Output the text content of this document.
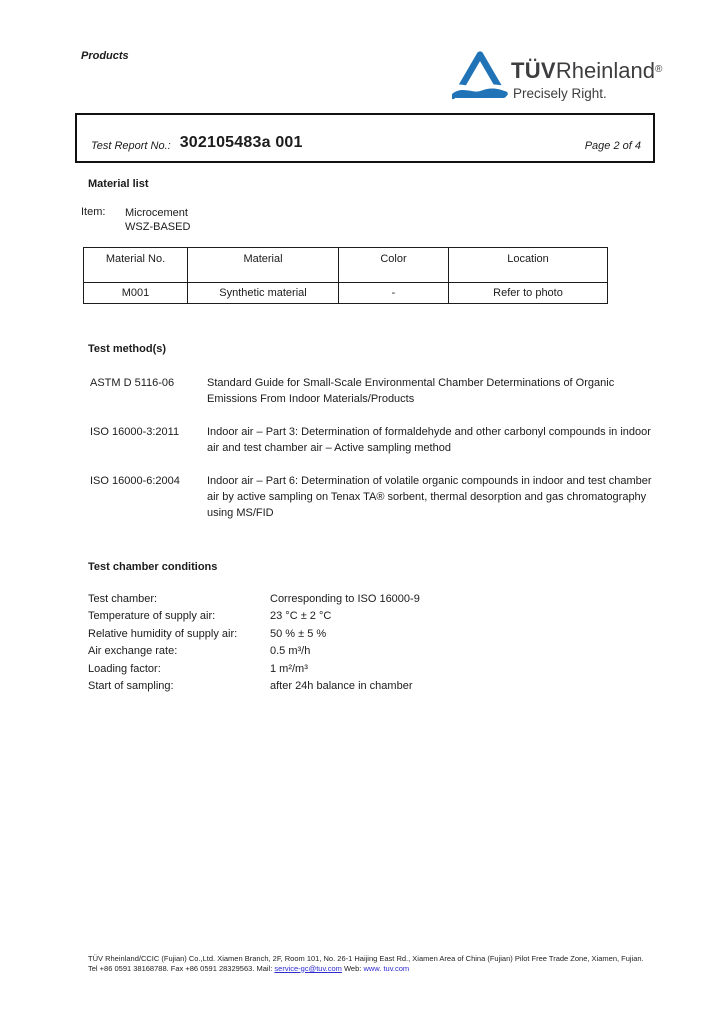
Products
TÜVRheinland®
Precisely Right.
Test Report No.: 302105483a 001	Page 2 of 4
Material list
Item:	Microcement
WSZ-BASED
Material No.	Material	Color	Location
M001	Synthetic material	-	Refer to photo
Test method(s)
ASTM D 5116-06	Standard Guide for Small-Scale Environmental Chamber Determinations of Organic Emissions From Indoor Materials/Products
ISO 16000-3:2011	Indoor air – Part 3: Determination of formaldehyde and other carbonyl compounds in indoor air and test chamber air – Active sampling method
ISO 16000-6:2004	Indoor air – Part 6: Determination of volatile organic compounds in indoor and test chamber air by active sampling on Tenax TA® sorbent, thermal desorption and gas chromatography using MS/FID
Test chamber conditions
Test chamber:	Corresponding to ISO 16000-9
Temperature of supply air:	23 °C ± 2 °C
Relative humidity of supply air:	50 % ± 5 %
Air exchange rate:	0.5 m³/h
Loading factor:	1 m²/m³
Start of sampling:	after 24h balance in chamber
TÜV Rheinland/CCIC (Fujian) Co.,Ltd. Xiamen Branch, 2F, Room 101, No. 26-1 Haijing East Rd., Xiamen Area of China (Fujian) Pilot Free Trade Zone, Xiamen, Fujian.
Tel +86 0591 38168788. Fax +86 0591 28329563. Mail: service-gc@tuv.com Web: www. tuv.com
